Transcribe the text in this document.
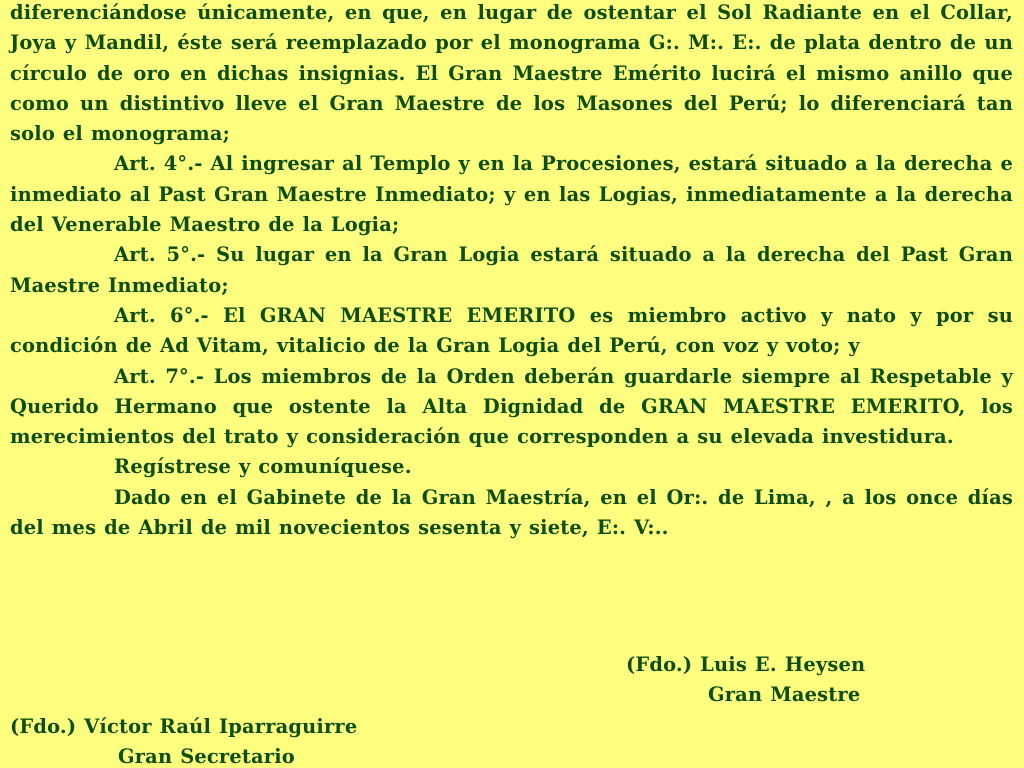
diferenciándose únicamente, en que, en lugar de ostentar el Sol Radiante en el Collar, Joya y Mandil, éste será reemplazado por el monograma G:. M:. E:. de plata dentro de un círculo de oro en dichas insignias. El Gran Maestre Emérito lucirá el mismo anillo que como un distintivo lleve el Gran Maestre de los Masones del Perú; lo diferenciará tan solo el monograma;

Art. 4°.- Al ingresar al Templo y en la Procesiones, estará situado a la derecha e inmediato al Past Gran Maestre Inmediato; y en las Logias, inmediatamente a la derecha del Venerable Maestro de la Logia;

Art. 5°.- Su lugar en la Gran Logia estará situado a la derecha del Past Gran Maestre Inmediato;

Art. 6°.- El GRAN MAESTRE EMERITO es miembro activo y nato y por su condición de Ad Vitam, vitalicio de la Gran Logia del Perú, con voz y voto; y

Art. 7°.- Los miembros de la Orden deberán guardarle siempre al Respetable y Querido Hermano que ostente la Alta Dignidad de GRAN MAESTRE EMERITO, los merecimientos del trato y consideración que corresponden a su elevada investidura.

Regístrese y comuníquese.

Dado en el Gabinete de la Gran Maestría, en el Or:. de Lima, , a los once días del mes de Abril de mil novecientos sesenta y siete, E:. V:..

(Fdo.) Luis E. Heysen

Gran Maestre

(Fdo.) Víctor Raúl Iparraguirre

Gran Secretario
